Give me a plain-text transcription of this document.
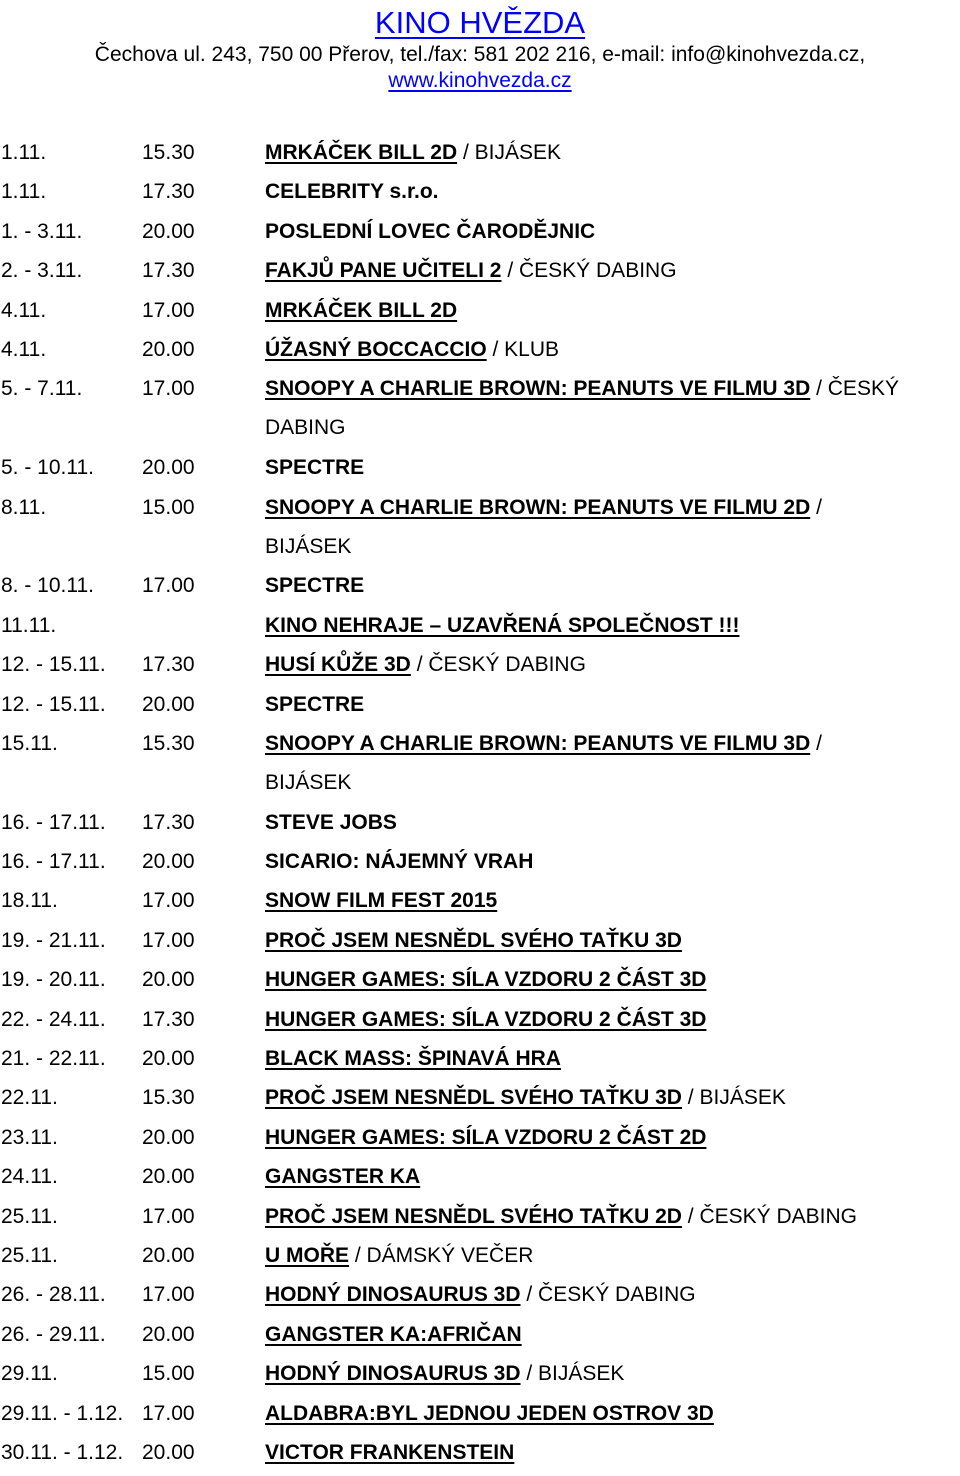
KINO HVĚZDA
Čechova ul. 243, 750 00 Přerov, tel./fax: 581 202 216, e-mail: info@kinohvezda.cz,
www.kinohvezda.cz
1.11.	15.30	MRKÁČEK BILL 2D / BIJÁSEK
1.11.	17.30	CELEBRITY s.r.o.
1. - 3.11.	20.00	POSLEDNÍ LOVEC ČARODĚJNIC
2. - 3.11.	17.30	FAKJŮ PANE UČITELI 2 / ČESKÝ DABING
4.11.	17.00	MRKÁČEK BILL 2D
4.11.	20.00	ÚŽASNÝ BOCCACCIO / KLUB
5. - 7.11.	17.00	SNOOPY A CHARLIE BROWN: PEANUTS VE FILMU 3D / ČESKÝ
DABING
5. - 10.11. 20.00	SPECTRE
8.11.	15.00	SNOOPY A CHARLIE BROWN: PEANUTS VE FILMU 2D /
BIJÁSEK
8. - 10.11. 17.00	SPECTRE
11.11.	KINO NEHRAJE – UZAVŘENÁ SPOLEČNOST !!!
12. - 15.11. 17.30	HUSÍ KŮŽE 3D / ČESKÝ DABING
12. - 15.11. 20.00	SPECTRE
15.11.	15.30	SNOOPY A CHARLIE BROWN: PEANUTS VE FILMU 3D /
BIJÁSEK
16. - 17.11. 17.30	STEVE JOBS
16. - 17.11. 20.00	SICARIO: NÁJEMNÝ VRAH
18.11.	17.00	SNOW FILM FEST 2015
19. - 21.11. 17.00	PROČ JSEM NESNĚDL SVÉHO TAŤKU 3D
19. - 20.11. 20.00	HUNGER GAMES: SÍLA VZDORU 2 ČÁST 3D
22. - 24.11. 17.30	HUNGER GAMES: SÍLA VZDORU 2 ČÁST 3D
21. - 22.11. 20.00	BLACK MASS: ŠPINAVÁ HRA
22.11.	15.30	PROČ JSEM NESNĚDL SVÉHO TAŤKU 3D / BIJÁSEK
23.11.	20.00	HUNGER GAMES: SÍLA VZDORU 2 ČÁST 2D
24.11.	20.00	GANGSTER KA
25.11.	17.00	PROČ JSEM NESNĚDL SVÉHO TAŤKU 2D / ČESKÝ DABING
25.11.	20.00	U MOŘE / DÁMSKÝ VEČER
26. - 28.11. 17.00	HODNÝ DINOSAURUS 3D / ČESKÝ DABING
26. - 29.11. 20.00	GANGSTER KA:AFRIČAN
29.11.	15.00	HODNÝ DINOSAURUS 3D / BIJÁSEK
29.11. - 1.12. 17.00	ALDABRA:BYL JEDNOU JEDEN OSTROV 3D
30.11. - 1.12. 20.00	VICTOR FRANKENSTEIN
